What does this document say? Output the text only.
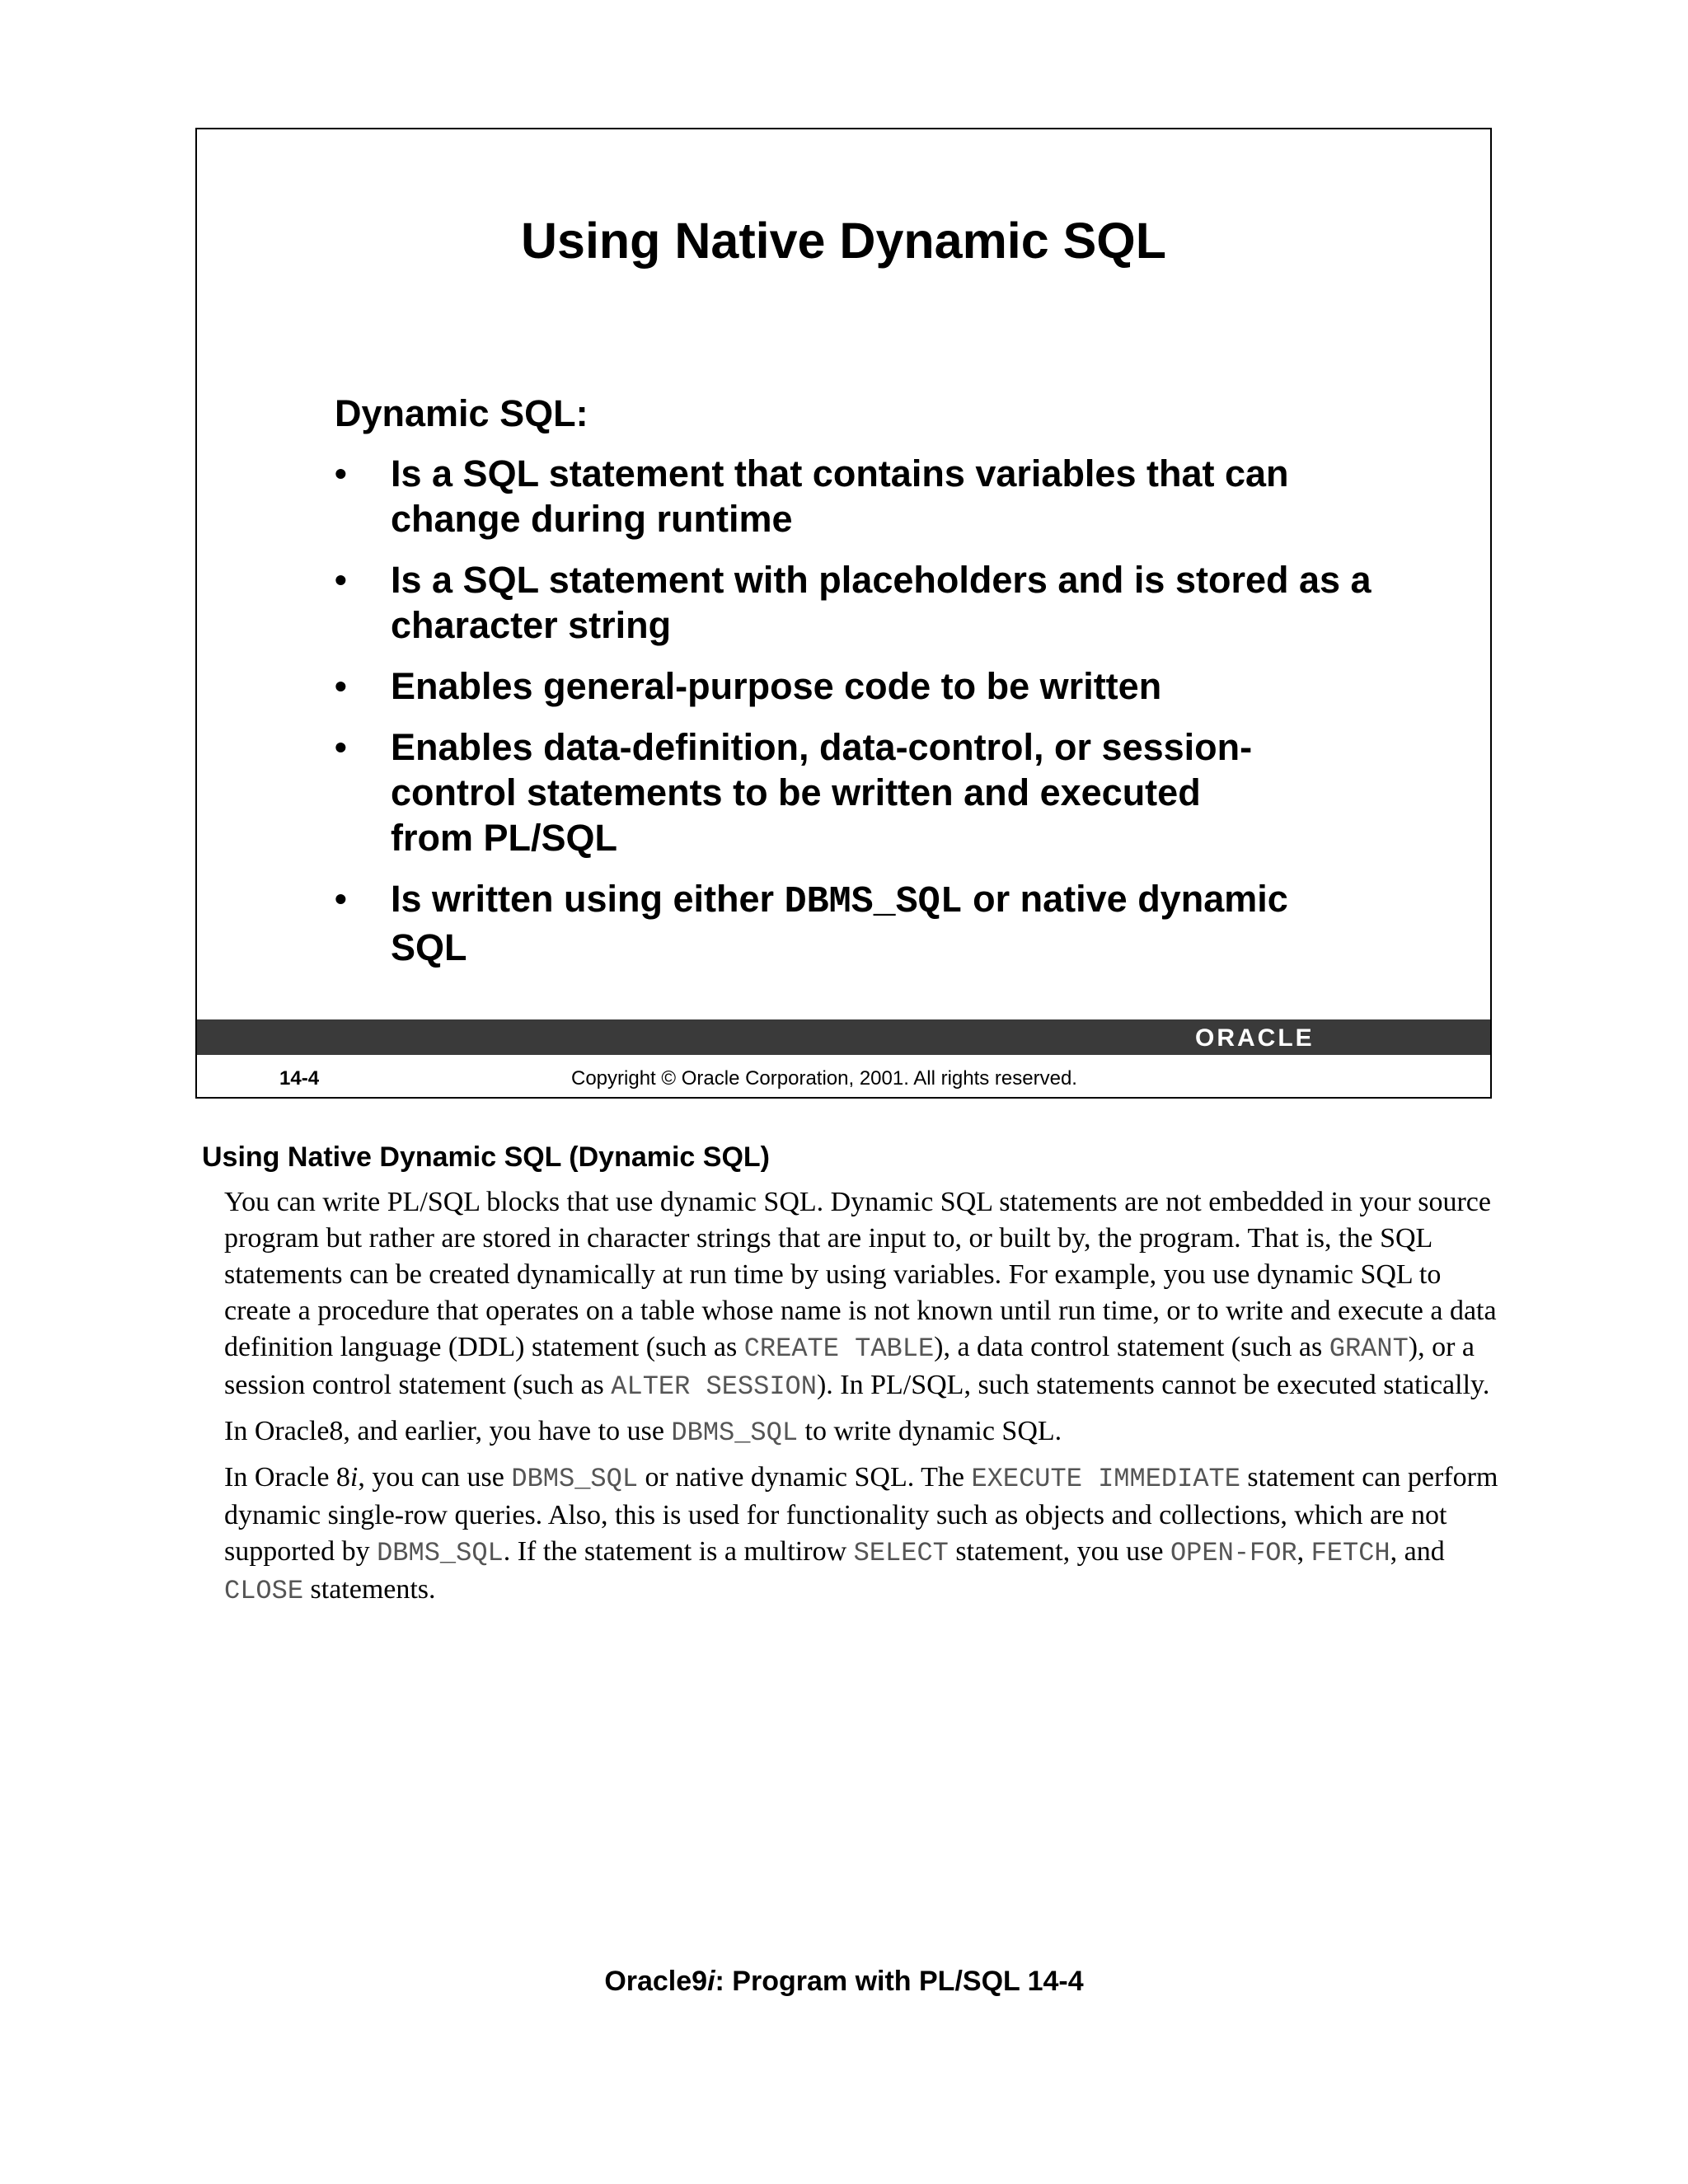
Using Native Dynamic SQL
Dynamic SQL:
• Is a SQL statement that contains variables that can change during runtime
• Is a SQL statement with placeholders and is stored as a character string
• Enables general-purpose code to be written
• Enables data-definition, data-control, or session-
control statements to be written and executed
from PL/SQL
• Is written using either DBMS_SQL or native dynamic SQL
ORACLE
14-4	Copyright © Oracle Corporation, 2001. All rights reserved.
Using Native Dynamic SQL (Dynamic SQL)

You can write PL/SQL blocks that use dynamic SQL. Dynamic SQL statements are not embedded in your source program but rather are stored in character strings that are input to, or built by, the program. That is, the SQL statements can be created dynamically at run time by using variables. For example, you use dynamic SQL to create a procedure that operates on a table whose name is not known until run time, or to write and execute a data definition language (DDL) statement (such as CREATE TABLE), a data control statement (such as GRANT), or a session control statement (such as ALTER SESSION). In PL/SQL, such statements cannot be executed statically.

In Oracle8, and earlier, you have to use DBMS_SQL to write dynamic SQL.

In Oracle 8i, you can use DBMS_SQL or native dynamic SQL. The EXECUTE IMMEDIATE statement can perform dynamic single-row queries. Also, this is used for functionality such as objects and collections, which are not supported by DBMS_SQL. If the statement is a multirow SELECT statement, you use OPEN-FOR, FETCH, and CLOSE statements.

Oracle9i: Program with PL/SQL 14-4
